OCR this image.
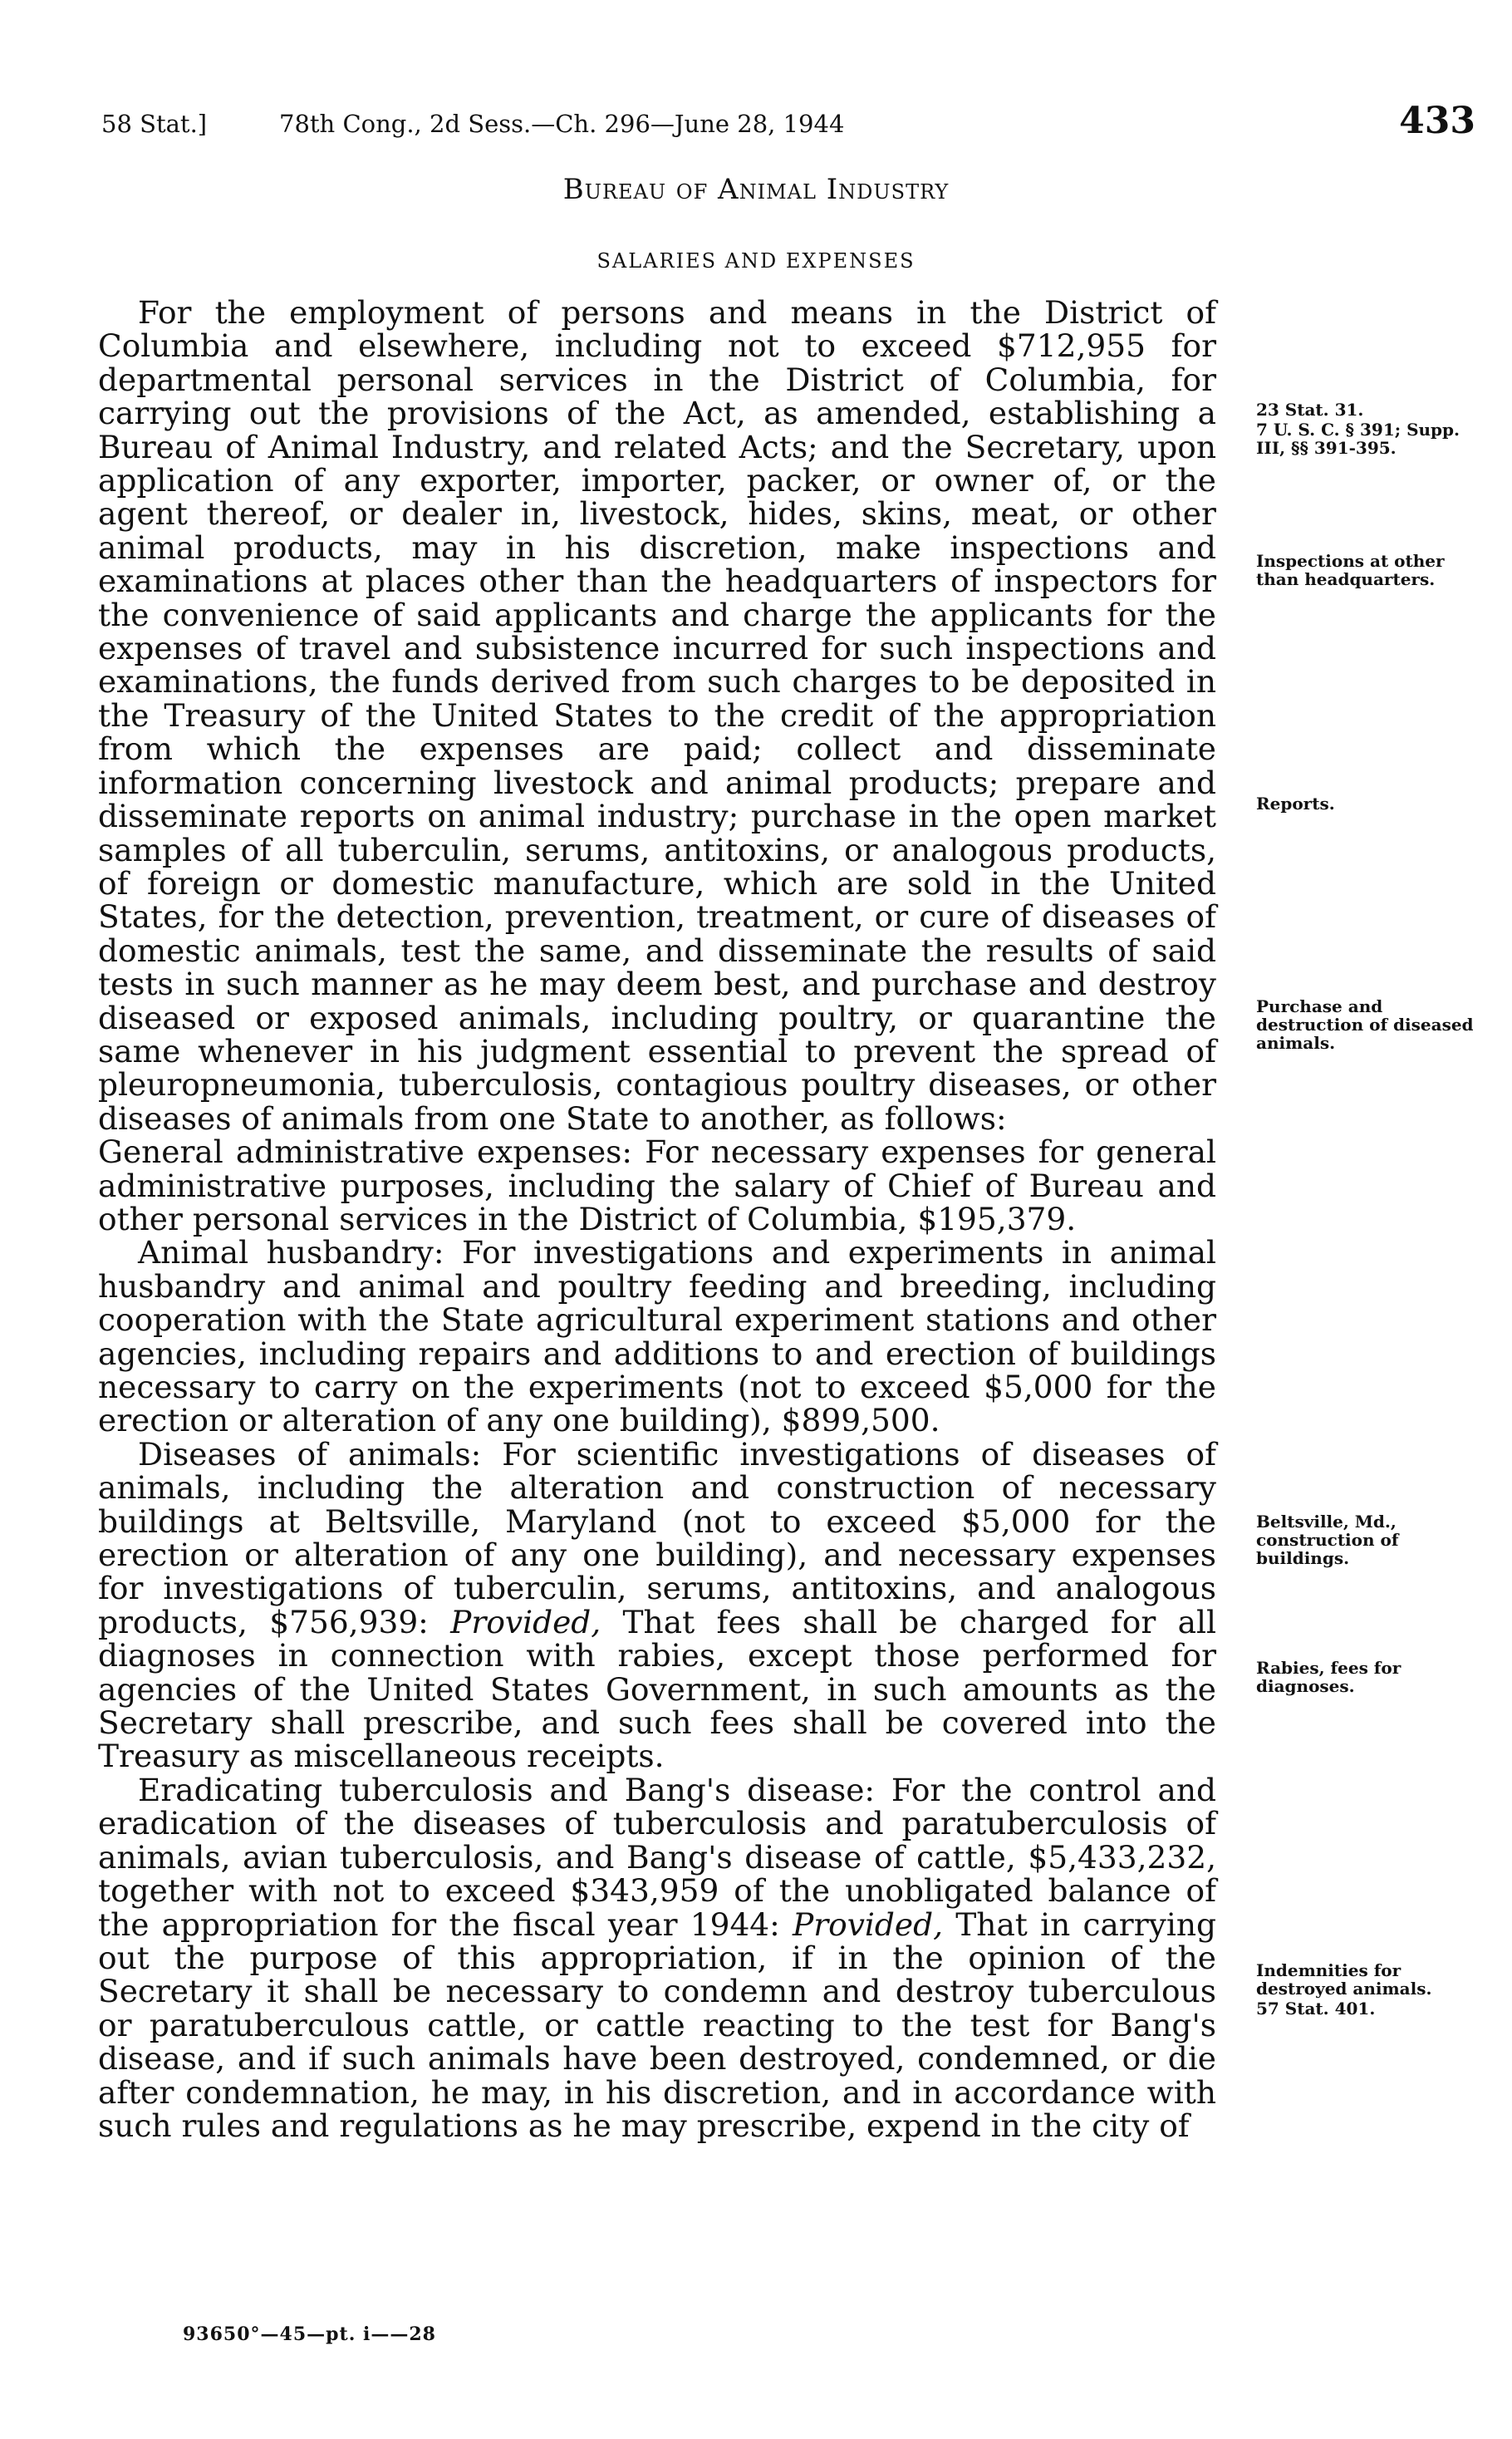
58 Stat.]	78th Cong., 2d Sess.—Ch. 296—June 28, 1944	433
Bureau of Animal Industry
SALARIES AND EXPENSES

For the employment of persons and means in the District of Columbia and elsewhere, including not to exceed $712,955 for departmental personal services in the District of Columbia, for carrying out the provisions of the Act, as amended, establishing a Bureau of Animal Industry, and related Acts; and the Secretary, upon application of any exporter, importer, packer, or owner of, or the agent thereof, or dealer in, livestock, hides, skins, meat, or other animal products, may in his discretion, make inspections and examinations at places other than the headquarters of inspectors for the convenience of said applicants and charge the applicants for the expenses of travel and subsistence incurred for such inspections and examinations, the funds derived from such charges to be deposited in the Treasury of the United States to the credit of the appropriation from which the expenses are paid; collect and disseminate information concerning livestock and animal products; prepare and disseminate reports on animal industry; purchase in the open market samples of all tuberculin, serums, antitoxins, or analogous products, of foreign or domestic manufacture, which are sold in the United States, for the detection, prevention, treatment, or cure of diseases of domestic animals, test the same, and disseminate the results of said tests in such manner as he may deem best, and purchase and destroy diseased or exposed animals, including poultry, or quarantine the same whenever in his judgment essential to prevent the spread of pleuropneumonia, tuberculosis, contagious poultry diseases, or other diseases of animals from one State to another, as follows:

General administrative expenses: For necessary expenses for general administrative purposes, including the salary of Chief of Bureau and other personal services in the District of Columbia, $195,379.

Animal husbandry: For investigations and experiments in animal husbandry and animal and poultry feeding and breeding, including cooperation with the State agricultural experiment stations and other agencies, including repairs and additions to and erection of buildings necessary to carry on the experiments (not to exceed $5,000 for the erection or alteration of any one building), $899,500.

Diseases of animals: For scientific investigations of diseases of animals, including the alteration and construction of necessary buildings at Beltsville, Maryland (not to exceed $5,000 for the erection or alteration of any one building), and necessary expenses for investigations of tuberculin, serums, antitoxins, and analogous products, $756,939: Provided, That fees shall be charged for all diagnoses in connection with rabies, except those performed for agencies of the United States Government, in such amounts as the Secretary shall prescribe, and such fees shall be covered into the Treasury as miscellaneous receipts.

Eradicating tuberculosis and Bang's disease: For the control and eradication of the diseases of tuberculosis and paratuberculosis of animals, avian tuberculosis, and Bang's disease of cattle, $5,433,232, together with not to exceed $343,959 of the unobligated balance of the appropriation for the fiscal year 1944: Provided, That in carrying out the purpose of this appropriation, if in the opinion of the Secretary it shall be necessary to condemn and destroy tuberculous or paratuberculous cattle, or cattle reacting to the test for Bang's disease, and if such animals have been destroyed, condemned, or die after condemnation, he may, in his discretion, and in accordance with such rules and regulations as he may prescribe, expend in the city of

23 Stat. 31.
7 U. S. C. § 391; Supp. III, §§ 391-395.
Inspections at other than headquarters.
Reports.
Purchase and destruction of diseased animals.
Beltsville, Md., construction of buildings.
Rabies, fees for diagnoses.
Indemnities for destroyed animals.
57 Stat. 401.
93650°—45—pt. i——28
